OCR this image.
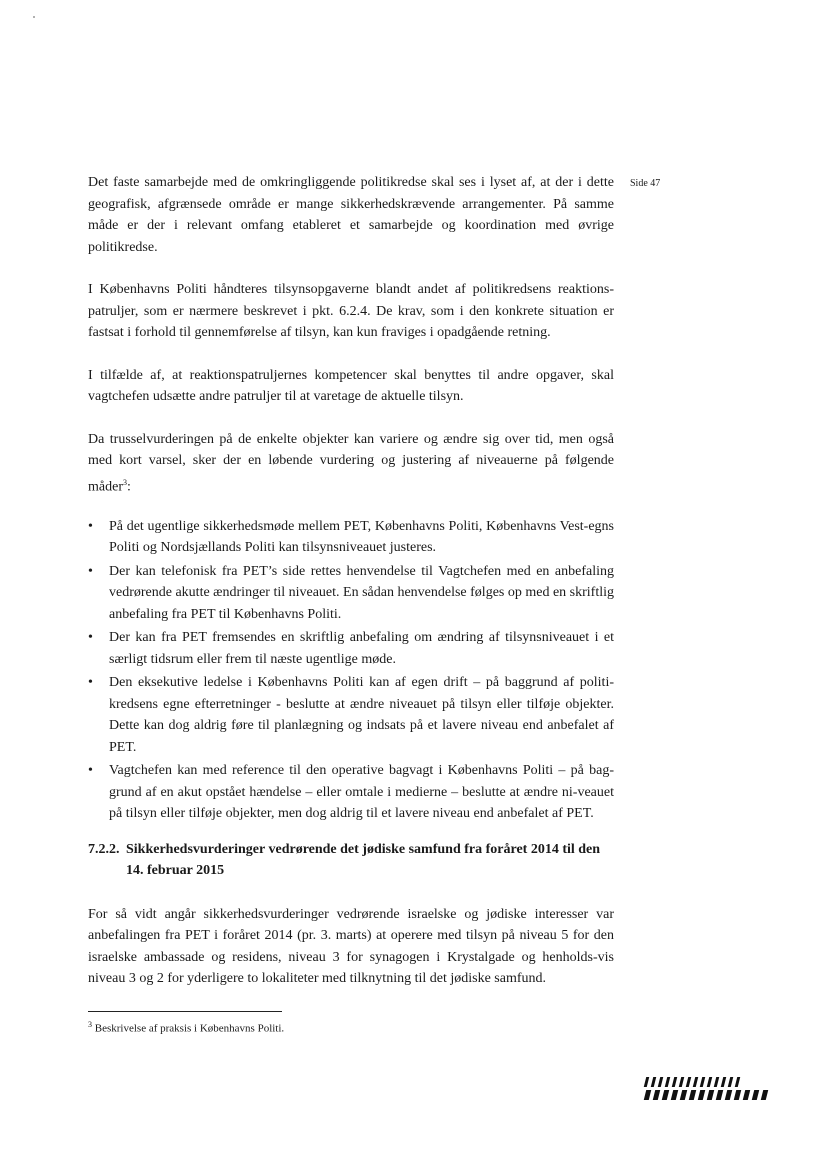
Side 47

Det faste samarbejde med de omkringliggende politikredse skal ses i lyset af, at der i dette geografisk, afgrænsede område er mange sikkerhedskrævende arrangementer. På samme måde er der i relevant omfang etableret et samarbejde og koordination med øvrige politikredse.

I Københavns Politi håndteres tilsynsopgaverne blandt andet af politikredsens reaktions-patruljer, som er nærmere beskrevet i pkt. 6.2.4. De krav, som i den konkrete situation er fastsat i forhold til gennemførelse af tilsyn, kan kun fraviges i opadgående retning.

I tilfælde af, at reaktionspatruljernes kompetencer skal benyttes til andre opgaver, skal vagtchefen udsætte andre patruljer til at varetage de aktuelle tilsyn.

Da trusselvurderingen på de enkelte objekter kan variere og ændre sig over tid, men også med kort varsel, sker der en løbende vurdering og justering af niveauerne på følgende måder$^3$:

• På det ugentlige sikkerhedsmøde mellem PET, Københavns Politi, Københavns Vest-egns Politi og Nordsjællands Politi kan tilsynsniveauet justeres.
• Der kan telefonisk fra PET’s side rettes henvendelse til Vagtchefen med en anbefaling vedrørende akutte ændringer til niveauet. En sådan henvendelse følges op med en skriftlig anbefaling fra PET til Københavns Politi.
• Der kan fra PET fremsendes en skriftlig anbefaling om ændring af tilsynsniveauet i et særligt tidsrum eller frem til næste ugentlige møde.
• Den eksekutive ledelse i Københavns Politi kan af egen drift – på baggrund af politi-kredsens egne efterretninger - beslutte at ændre niveauet på tilsyn eller tilføje objekter. Dette kan dog aldrig føre til planlægning og indsats på et lavere niveau end anbefalet af PET.
• Vagtchefen kan med reference til den operative bagvagt i Københavns Politi – på bag-grund af en akut opstået hændelse – eller omtale i medierne – beslutte at ændre ni-veauet på tilsyn eller tilføje objekter, men dog aldrig til et lavere niveau end anbefalet af PET.
7.2.2. Sikkerhedsvurderinger vedrørende det jødiske samfund fra foråret 2014 til den 14. februar 2015

For så vidt angår sikkerhedsvurderinger vedrørende israelske og jødiske interesser var anbefalingen fra PET i foråret 2014 (pr. 3. marts) at operere med tilsyn på niveau 5 for den israelske ambassade og residens, niveau 3 for synagogen i Krystalgade og henholds-vis niveau 3 og 2 for yderligere to lokaliteter med tilknytning til det jødiske samfund.

$^3$ Beskrivelse af praksis i Københavns Politi.
